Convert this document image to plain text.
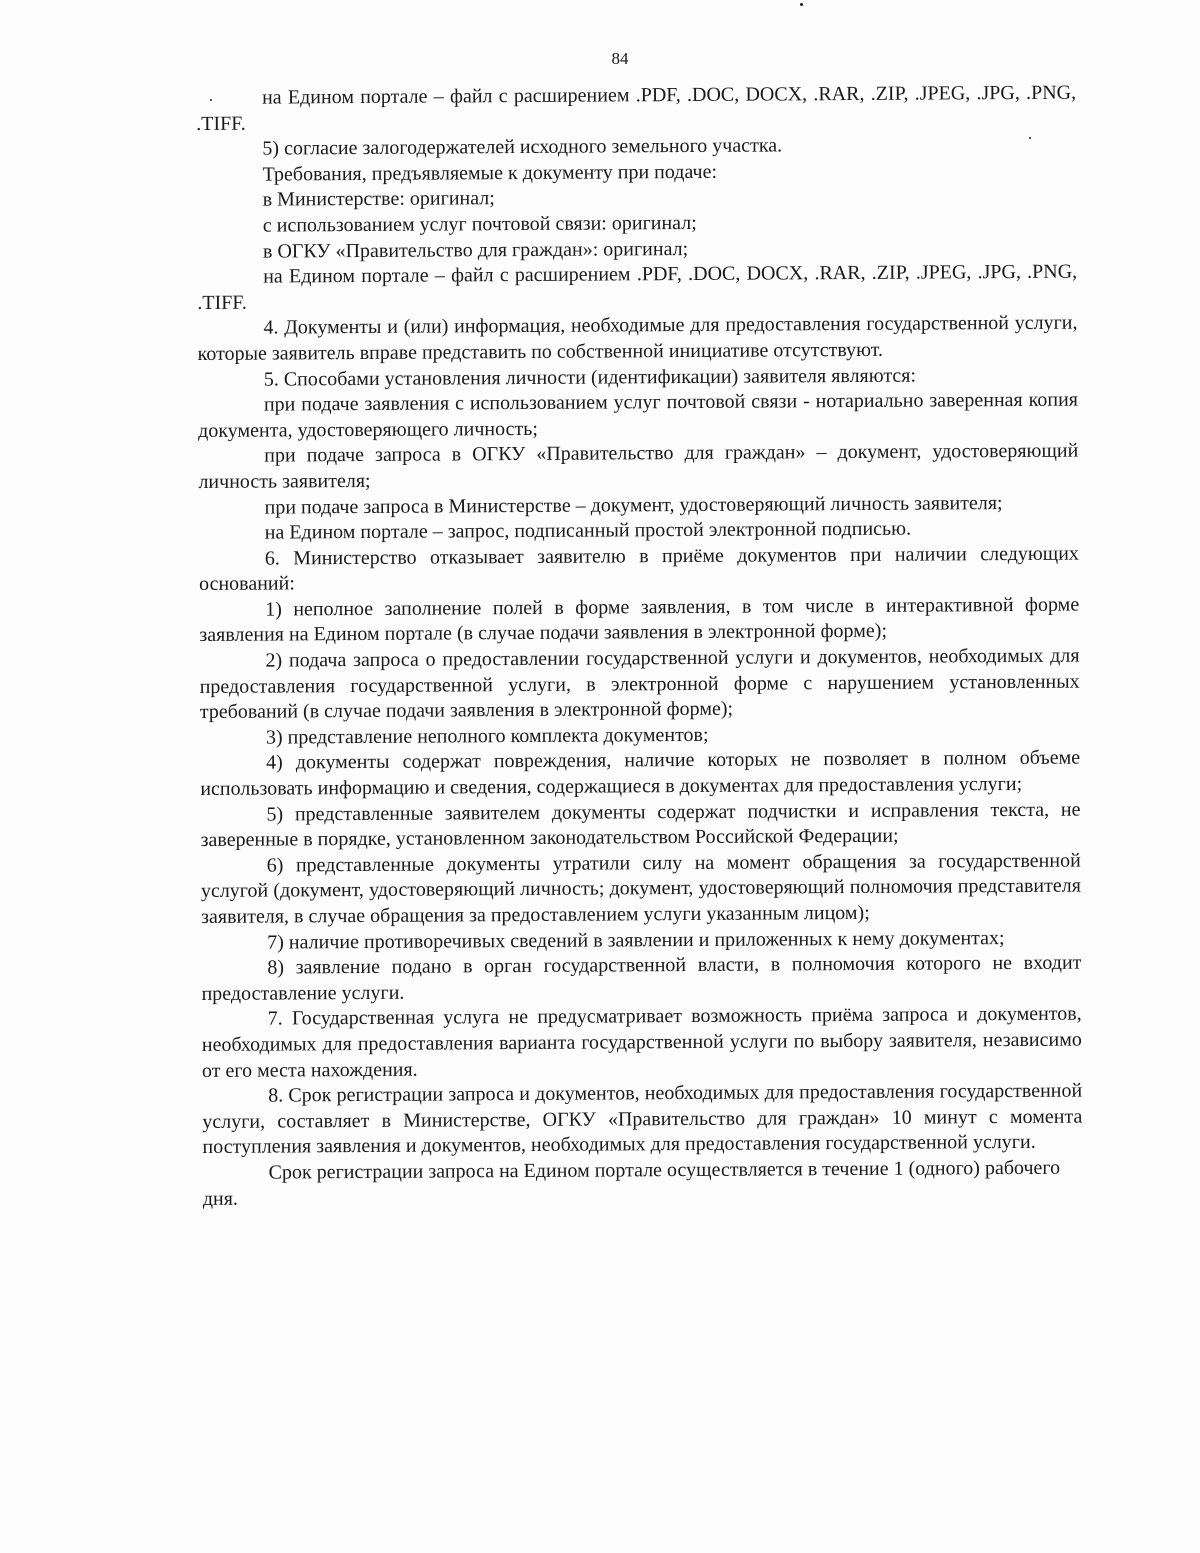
84

на Едином портале – файл с расширением .PDF, .DOC, DOCX, .RAR, .ZIP, .JPEG, .JPG, .PNG, .TIFF.

5) согласие залогодержателей исходного земельного участка.

Требования, предъявляемые к документу при подаче:

в Министерстве: оригинал;

с использованием услуг почтовой связи: оригинал;

в ОГКУ «Правительство для граждан»: оригинал;

на Едином портале – файл с расширением .PDF, .DOC, DOCX, .RAR, .ZIP, .JPEG, .JPG, .PNG, .TIFF.

4. Документы и (или) информация, необходимые для предоставления государственной услуги, которые заявитель вправе представить по собственной инициативе отсутствуют.

5. Способами установления личности (идентификации) заявителя являются:

при подаче заявления с использованием услуг почтовой связи - нотариально заверенная копия документа, удостоверяющего личность;

при подаче запроса в ОГКУ «Правительство для граждан» – документ, удостоверяющий личность заявителя;

при подаче запроса в Министерстве – документ, удостоверяющий личность заявителя;

на Едином портале – запрос, подписанный простой электронной подписью.

6. Министерство отказывает заявителю в приёме документов при наличии следующих оснований:

1) неполное заполнение полей в форме заявления, в том числе в интерактивной форме заявления на Едином портале (в случае подачи заявления в электронной форме);

2) подача запроса о предоставлении государственной услуги и документов, необходимых для предоставления государственной услуги, в электронной форме с нарушением установленных требований (в случае подачи заявления в электронной форме);

3) представление неполного комплекта документов;

4) документы содержат повреждения, наличие которых не позволяет в полном объеме использовать информацию и сведения, содержащиеся в документах для предоставления услуги;

5) представленные заявителем документы содержат подчистки и исправления текста, не заверенные в порядке, установленном законодательством Российской Федерации;

6) представленные документы утратили силу на момент обращения за государственной услугой (документ, удостоверяющий личность; документ, удостоверяющий полномочия представителя заявителя, в случае обращения за предоставлением услуги указанным лицом);

7) наличие противоречивых сведений в заявлении и приложенных к нему документах;

8) заявление подано в орган государственной власти, в полномочия которого не входит предоставление услуги.

7. Государственная услуга не предусматривает возможность приёма запроса и документов, необходимых для предоставления варианта государственной услуги по выбору заявителя, независимо от его места нахождения.

8. Срок регистрации запроса и документов, необходимых для предоставления государственной услуги, составляет в Министерстве, ОГКУ «Правительство для граждан» 10 минут с момента поступления заявления и документов, необходимых для предоставления государственной услуги.

Срок регистрации запроса на Едином портале осуществляется в течение 1 (одного) рабочего дня.
